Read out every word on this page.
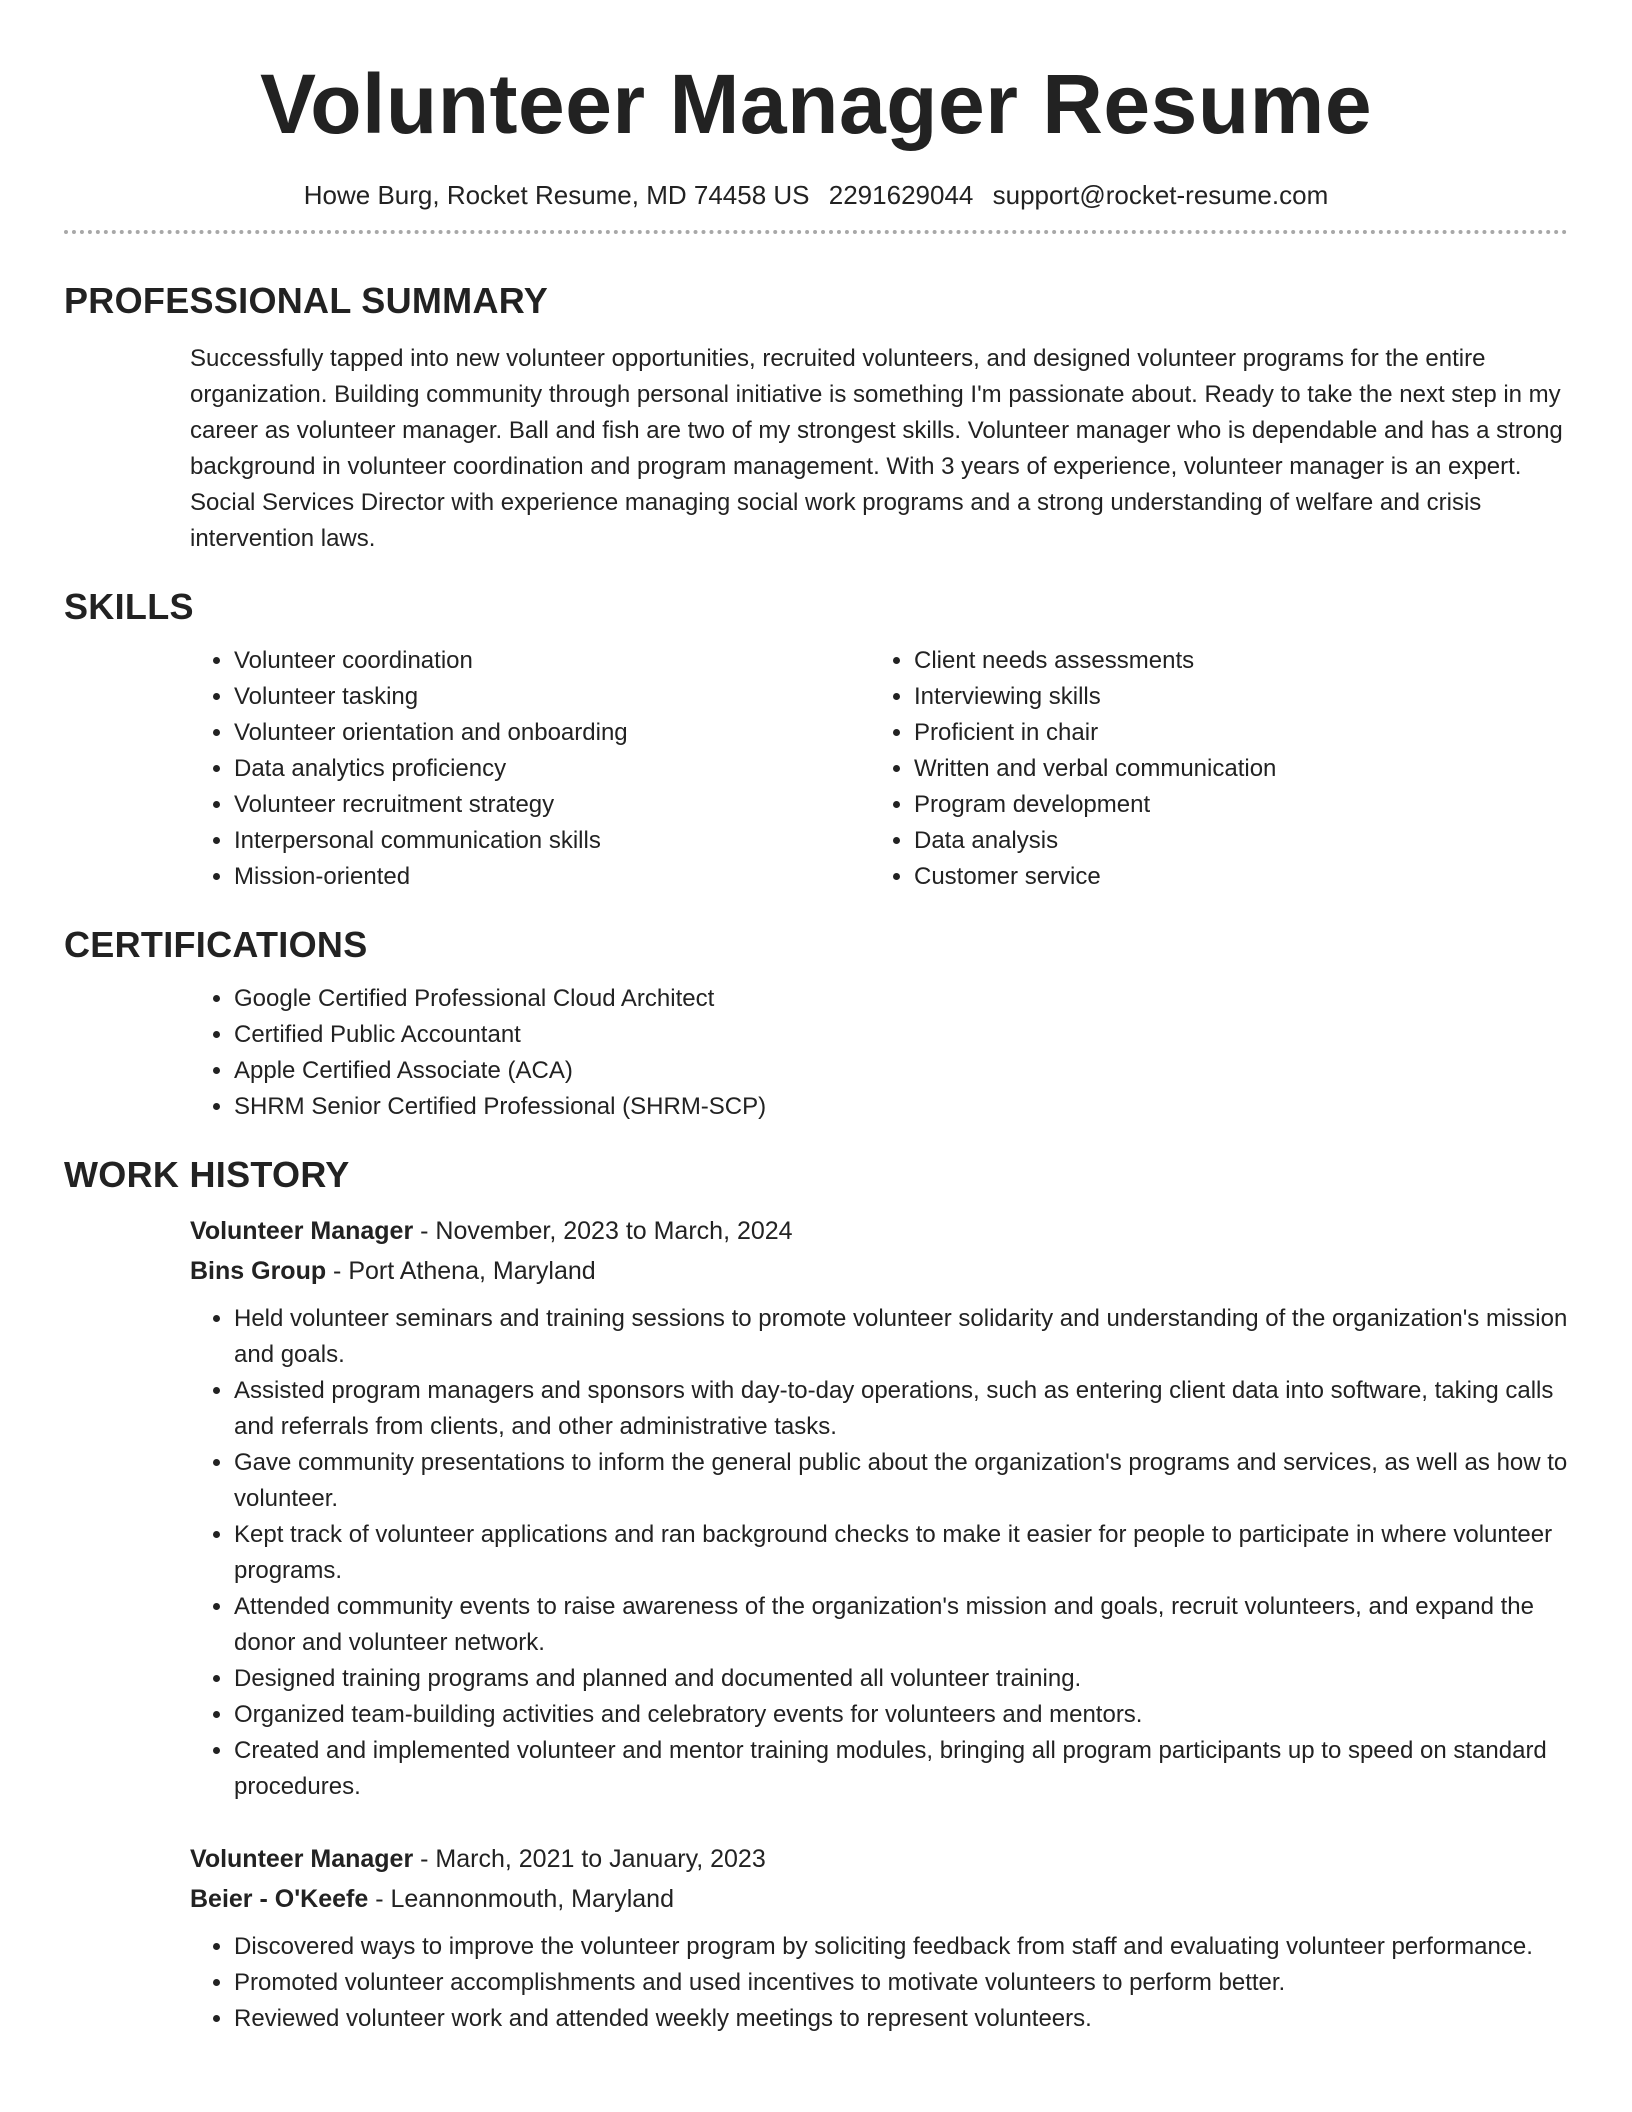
Volunteer Manager Resume
Howe Burg, Rocket Resume, MD 74458 US 2291629044 support@rocket-resume.com
PROFESSIONAL SUMMARY
Successfully tapped into new volunteer opportunities, recruited volunteers, and designed volunteer programs for the entire organization. Building community through personal initiative is something I'm passionate about. Ready to take the next step in my career as volunteer manager. Ball and fish are two of my strongest skills. Volunteer manager who is dependable and has a strong background in volunteer coordination and program management. With 3 years of experience, volunteer manager is an expert. Social Services Director with experience managing social work programs and a strong understanding of welfare and crisis intervention laws.
SKILLS
• Volunteer coordination
• Volunteer tasking
• Volunteer orientation and onboarding
• Data analytics proficiency
• Volunteer recruitment strategy
• Interpersonal communication skills
• Mission-oriented
• Client needs assessments
• Interviewing skills
• Proficient in chair
• Written and verbal communication
• Program development
• Data analysis
• Customer service
CERTIFICATIONS
• Google Certified Professional Cloud Architect
• Certified Public Accountant
• Apple Certified Associate (ACA)
• SHRM Senior Certified Professional (SHRM-SCP)
WORK HISTORY
Volunteer Manager - November, 2023 to March, 2024
Bins Group - Port Athena, Maryland
• Held volunteer seminars and training sessions to promote volunteer solidarity and understanding of the organization's mission and goals.
• Assisted program managers and sponsors with day-to-day operations, such as entering client data into software, taking calls and referrals from clients, and other administrative tasks.
• Gave community presentations to inform the general public about the organization's programs and services, as well as how to volunteer.
• Kept track of volunteer applications and ran background checks to make it easier for people to participate in where volunteer programs.
• Attended community events to raise awareness of the organization's mission and goals, recruit volunteers, and expand the donor and volunteer network.
• Designed training programs and planned and documented all volunteer training.
• Organized team-building activities and celebratory events for volunteers and mentors.
• Created and implemented volunteer and mentor training modules, bringing all program participants up to speed on standard procedures.
Volunteer Manager - March, 2021 to January, 2023
Beier - O'Keefe - Leannonmouth, Maryland
• Discovered ways to improve the volunteer program by soliciting feedback from staff and evaluating volunteer performance.
• Promoted volunteer accomplishments and used incentives to motivate volunteers to perform better.
• Reviewed volunteer work and attended weekly meetings to represent volunteers.
